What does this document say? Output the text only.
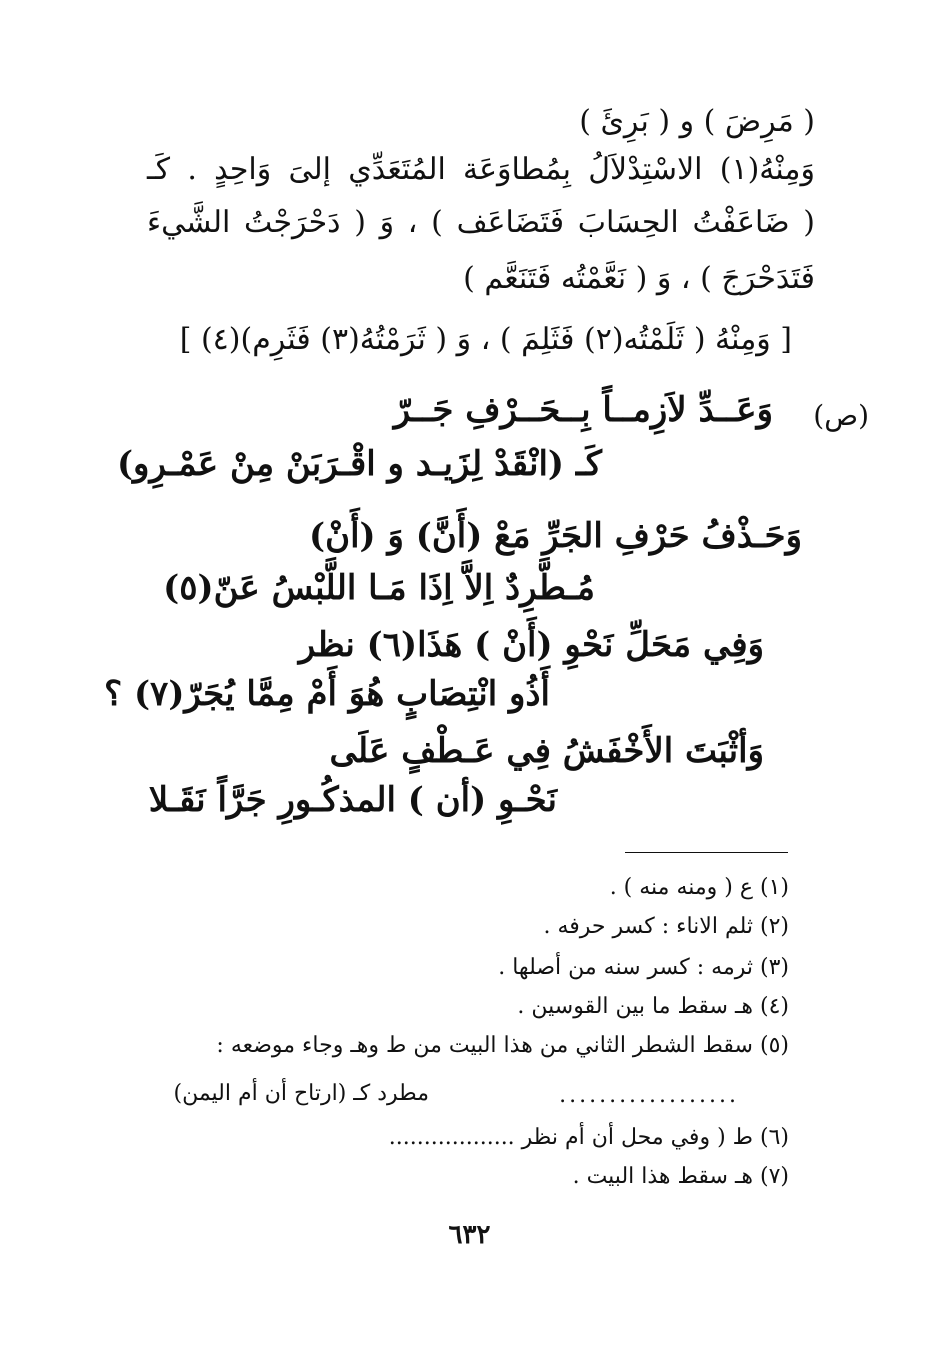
( مَرِضَ ) و ( بَرِئَ )
وَمِنْهُ(١) الاسْتِدْلاَلُ بِمُطاوَعَة المُتَعَدِّي إلىَ وَاحِدٍ . كَـ
( ضَاعَفْتُ الحِسَابَ فَتَضَاعَف ) ، وَ ( دَحْرَجْتُ الشَّيءَ
فَتَدَحْرَجَ ) ، وَ ( نَعَّمْتُه فَتَنَعَّم )
[ وَمِنْهُ ( ثَلَمْتُه(٢) فَثَلِمَ ) ، وَ ( ثَرَمْتُهُ(٣) فَثَرِم)(٤) ]
(ص)
وَعَــدِّ لاَزِمــاً بِــحَــرْفِ جَــرّ
كَـ (انْقَدْ لِزَيـد و اقْـرَبَنْ مِنْ عَمْـرِو)
وَحَـذْفُ حَرْفِ الجَرِّ مَعْ (أَنَّ) وَ (أَنْ)
مُـطَّرِدٌ اِلاَّ اِذَا مَـا اللَّبْسُ عَنّ(٥)
وَفِي مَحَلِّ نَحْوِ (أَنْ ) هَذَا(٦) نظر
أَذُو انْتِصَابٍ هُوَ أَمْ مِمَّا يُجَرّ(٧) ؟
وَأثْبَتَ الأَخْفَشُ فِي عَـطْفٍ عَلَى
نَحْـوِ (أن ) المذكُـورِ جَرَّاً نَقَـلا
(١) ع ( ومنه منه ) .
(٢) ثلم الاناء : كسر حرفه .
(٣) ثرمه : كسر سنه من أصلها .
(٤) هـ سقط ما بين القوسين .
(٥) سقط الشطر الثاني من هذا البيت من ط وهـ وجاء موضعه :
..................
مطرد كـ (ارتاح أن أم اليمن)
(٦) ط ( وفي محل أن أم نظر ..................
(٧) هـ سقط هذا البيت .
٦٣٢
